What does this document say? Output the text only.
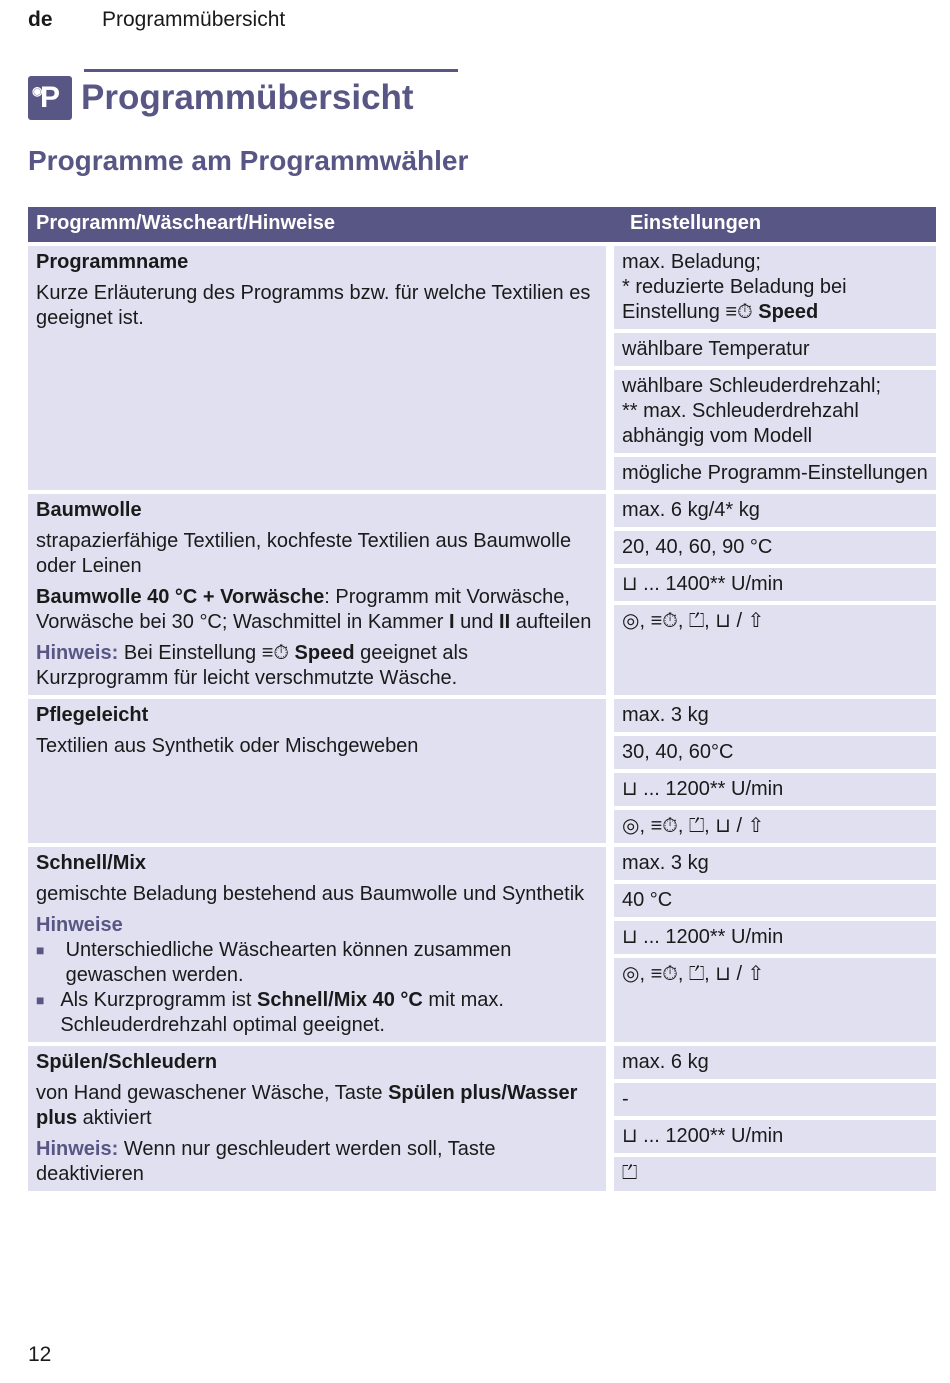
de Programmübersicht
◉
P Programmübersicht
Programme am Programmwähler
Programm/Wäscheart/Hinweise	Einstellungen
Programmname
Kurze Erläuterung des Programms bzw. für welche Textilien es geeignet ist.
max. Beladung;
* reduzierte Beladung bei Einstellung ≡⏱ Speed
wählbare Temperatur
wählbare Schleuderdrehzahl;
** max. Schleuderdrehzahl abhängig vom Modell
mögliche Programm-Einstellungen
Baumwolle
strapazierfähige Textilien, kochfeste Textilien aus Baumwolle oder Leinen
Baumwolle 40 °C + Vorwäsche: Programm mit Vorwäsche, Vorwäsche bei 30 °C; Waschmittel in Kammer I und II aufteilen
Hinweis: Bei Einstellung ≡⏱ Speed geeignet als Kurzprogramm für leicht verschmutzte Wäsche.
max. 6 kg/4* kg
20, 40, 60, 90 °C
⊔ ... 1400** U/min
◎, ≡⏱, ⏍, ⊔ / ⇧
Pflegeleicht
Textilien aus Synthetik oder Mischgeweben
max. 3 kg
30, 40, 60°C
⊔ ... 1200** U/min
◎, ≡⏱, ⏍, ⊔ / ⇧
Schnell/Mix
gemischte Beladung bestehend aus Baumwolle und Synthetik
Hinweise
■	Unterschiedliche Wäschearten können zusammen gewaschen werden.
■ Als Kurzprogramm ist Schnell/Mix 40 °C mit max. Schleuderdrehzahl optimal geeignet.
max. 3 kg
40 °C
⊔ ... 1200** U/min
◎, ≡⏱, ⏍, ⊔ / ⇧
Spülen/Schleudern
von Hand gewaschener Wäsche, Taste Spülen plus/Wasser plus aktiviert
Hinweis: Wenn nur geschleudert werden soll, Taste deaktivieren
max. 6 kg
-
⊔ ... 1200** U/min
⏍
12
